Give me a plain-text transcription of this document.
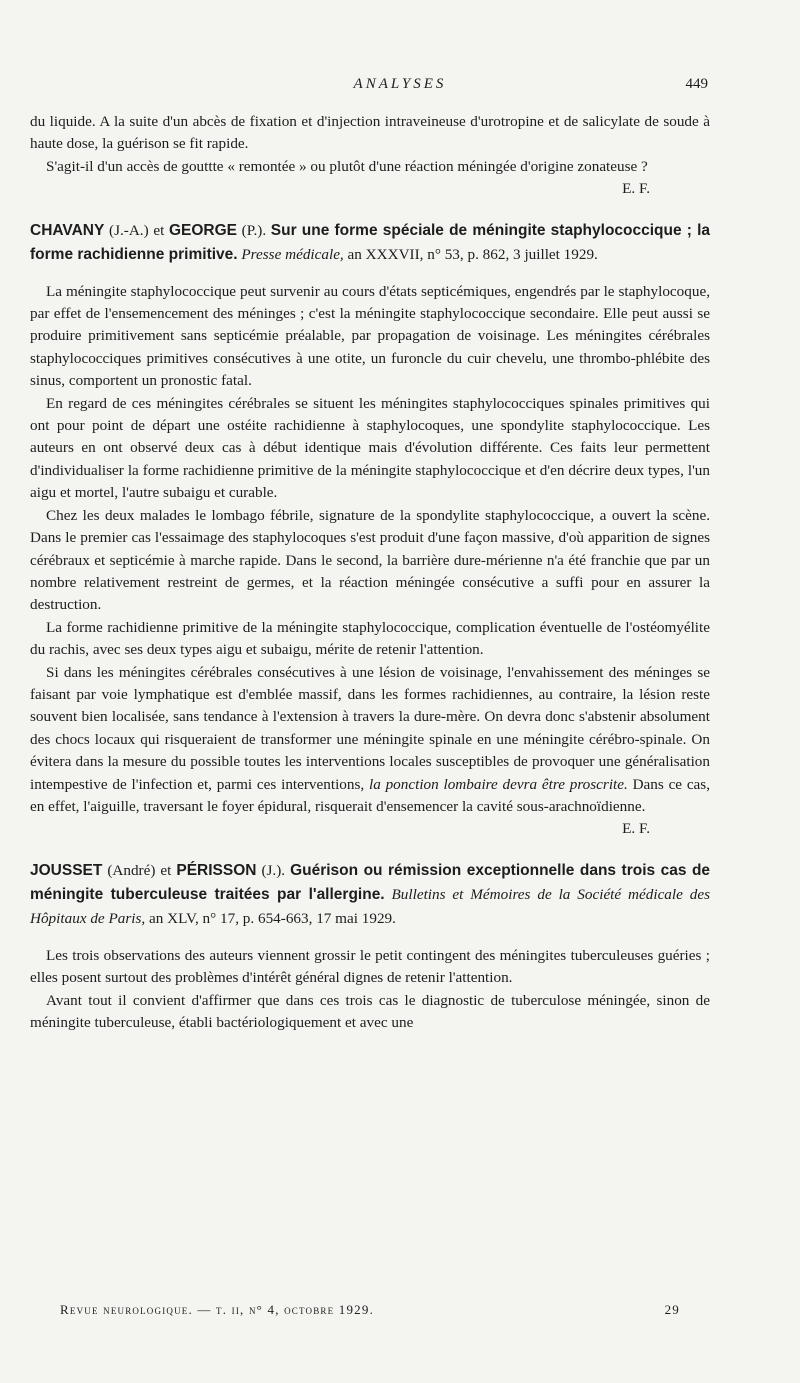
ANALYSES	449

du liquide. A la suite d'un abcès de fixation et d'injection intraveineuse d'urotropine et de salicylate de soude à haute dose, la guérison se fit rapide.

S'agit-il d'un accès de gouttte « remontée » ou plutôt d'une réaction méningée d'origine zonateuse ?

E. F.

CHAVANY (J.-A.) et GEORGE (P.). Sur une forme spéciale de méningite staphylococcique ; la forme rachidienne primitive. Presse médicale, an XXXVII, n° 53, p. 862, 3 juillet 1929.

La méningite staphylococcique peut survenir au cours d'états septicémiques, engendrés par le staphylocoque, par effet de l'ensemencement des méninges ; c'est la méningite staphylococcique secondaire. Elle peut aussi se produire primitivement sans septicémie préalable, par propagation de voisinage. Les méningites cérébrales staphylococciques primitives consécutives à une otite, un furoncle du cuir chevelu, une thrombo-phlébite des sinus, comportent un pronostic fatal.

En regard de ces méningites cérébrales se situent les méningites staphylococciques spinales primitives qui ont pour point de départ une ostéite rachidienne à staphylocoques, une spondylite staphylococcique. Les auteurs en ont observé deux cas à début identique mais d'évolution différente. Ces faits leur permettent d'individualiser la forme rachidienne primitive de la méningite staphylococcique et d'en décrire deux types, l'un aigu et mortel, l'autre subaigu et curable.

Chez les deux malades le lombago fébrile, signature de la spondylite staphylococcique, a ouvert la scène. Dans le premier cas l'essaimage des staphylocoques s'est produit d'une façon massive, d'où apparition de signes cérébraux et septicémie à marche rapide. Dans le second, la barrière dure-mérienne n'a été franchie que par un nombre relativement restreint de germes, et la réaction méningée consécutive a suffi pour en assurer la destruction.

La forme rachidienne primitive de la méningite staphylococcique, complication éventuelle de l'ostéomyélite du rachis, avec ses deux types aigu et subaigu, mérite de retenir l'attention.

Si dans les méningites cérébrales consécutives à une lésion de voisinage, l'envahissement des méninges se faisant par voie lymphatique est d'emblée massif, dans les formes rachidiennes, au contraire, la lésion reste souvent bien localisée, sans tendance à l'extension à travers la dure-mère. On devra donc s'abstenir absolument des chocs locaux qui risqueraient de transformer une méningite spinale en une méningite cérébro-spinale. On évitera dans la mesure du possible toutes les interventions locales susceptibles de provoquer une généralisation intempestive de l'infection et, parmi ces interventions, la ponction lombaire devra être proscrite. Dans ce cas, en effet, l'aiguille, traversant le foyer épidural, risquerait d'ensemencer la cavité sous-arachnoïdienne.

E. F.

JOUSSET (André) et PÉRISSON (J.). Guérison ou rémission exceptionnelle dans trois cas de méningite tuberculeuse traitées par l'allergine. Bulletins et Mémoires de la Société médicale des Hôpitaux de Paris, an XLV, n° 17, p. 654-663, 17 mai 1929.

Les trois observations des auteurs viennent grossir le petit contingent des méningites tuberculeuses guéries ; elles posent surtout des problèmes d'intérêt général dignes de retenir l'attention.

Avant tout il convient d'affirmer que dans ces trois cas le diagnostic de tuberculose méningée, sinon de méningite tuberculeuse, établi bactériologiquement et avec une

Revue neurologique. — t. ii, n° 4, octobre 1929.	29
